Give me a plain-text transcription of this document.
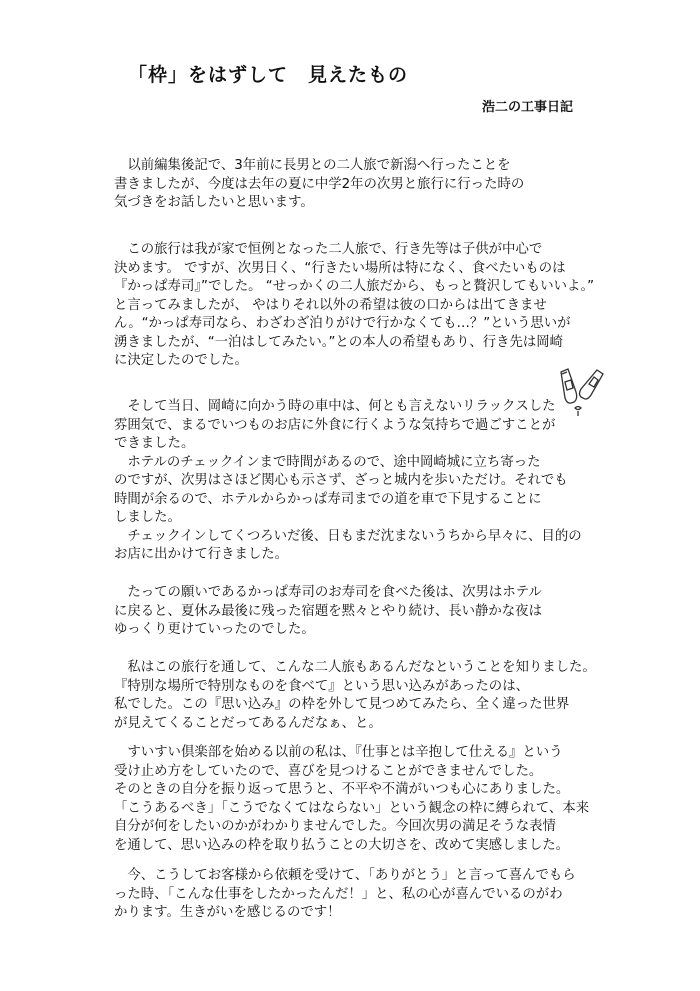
「枠」をはずして　見えたもの
浩二の工事日記
　以前編集後記で、3年前に長男との二人旅で新潟へ行ったことを
書きましたが、今度は去年の夏に中学2年の次男と旅行に行った時の
気づきをお話したいと思います。
　この旅行は我が家で恒例となった二人旅で、行き先等は子供が中心で
決めます。 ですが、次男日く、“行きたい場所は特になく、食べたいものは
『かっぱ寿司』”でした。 “せっかくの二人旅だから、もっと贅沢してもいいよ。”
と言ってみましたが、 やはりそれ以外の希望は彼の口からは出てきませ
ん。“かっぱ寿司なら、わざわざ泊りがけで行かなくても…？”という思いが
湧きましたが、“一泊はしてみたい。”との本人の希望もあり、行き先は岡崎
に決定したのでした。
　そして当日、岡崎に向かう時の車中は、何とも言えないリラックスした
雰囲気で、まるでいつものお店に外食に行くような気持ちで過ごすことが
できました。
　ホテルのチェックインまで時間があるので、途中岡崎城に立ち寄った
のですが、次男はさほど関心も示さず、ざっと城内を歩いただけ。それでも
時間が余るので、ホテルからかっぱ寿司までの道を車で下見することに
しました。
　チェックインしてくつろいだ後、日もまだ沈まないうちから早々に、目的の
お店に出かけて行きました。
　たっての願いであるかっぱ寿司のお寿司を食べた後は、次男はホテル
に戻ると、夏休み最後に残った宿題を黙々とやり続け、長い静かな夜は
ゆっくり更けていったのでした。
　私はこの旅行を通して、こんな二人旅もあるんだなということを知りました。
『特別な場所で特別なものを食べて』という思い込みがあったのは、
私でした。この『思い込み』の枠を外して見つめてみたら、全く違った世界
が見えてくることだってあるんだなぁ、と。
　すいすい倶楽部を始める以前の私は、『仕事とは辛抱して仕える』という
受け止め方をしていたので、喜びを見つけることができませんでした。
そのときの自分を振り返って思うと、不平や不満がいつも心にありました。
「こうあるべき」「こうでなくてはならない」という観念の枠に縛られて、本来
自分が何をしたいのかがわかりませんでした。今回次男の満足そうな表情
を通して、思い込みの枠を取り払うことの大切さを、改めて実感しました。
　今、こうしてお客様から依頼を受けて、「ありがとう」と言って喜んでもら
った時、「こんな仕事をしたかったんだ！」と、私の心が喜んでいるのがわ
かります。生きがいを感じるのです！
